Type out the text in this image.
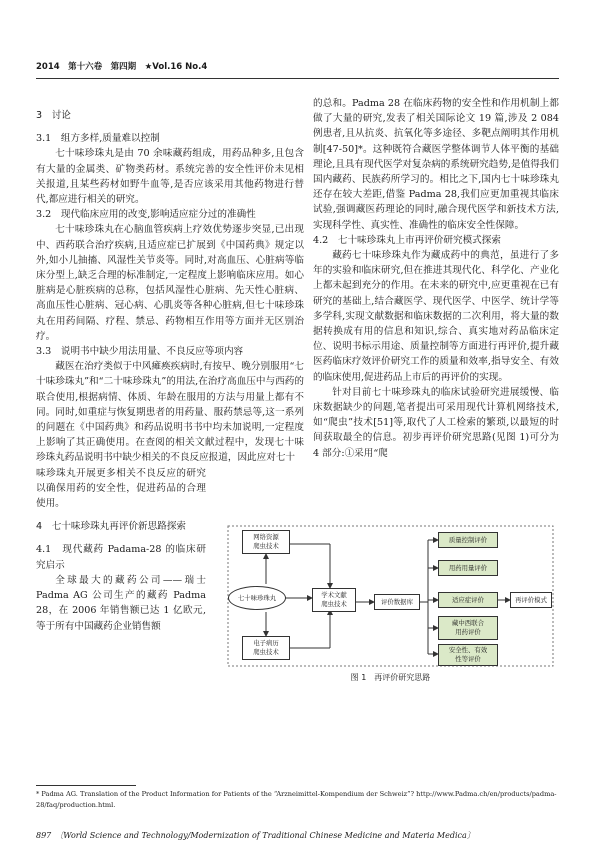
2014　第十六卷　第四期　★Vol.16 No.4

3　讨论

3.1　组方多样,质量难以控制

七十味珍珠丸是由 70 余味藏药组成，用药品种多,且包含有大量的金属类、矿物类药材。系统完善的安全性评价未见相关报道,且某些药材如野牛血等,是否应该采用其他药物进行替代,都应进行相关的研究。

3.2　现代临床应用的改变,影响适应症分过的准确性

七十味珍珠丸在心脑血管疾病上疗效优势逐步突显,已出现中、西药联合治疗疾病,且适应症已扩展到《中国药典》规定以外,如小儿抽搐、风湿性关节炎等。同时,对高血压、心脏病等临床分型上,缺乏合理的标准制定,一定程度上影响临床应用。如心脏病是心脏疾病的总称，包括风湿性心脏病、先天性心脏病、高血压性心脏病、冠心病、心肌炎等各种心脏病,但七十味珍珠丸在用药间隔、疗程、禁忌、药物相互作用等方面并无区别治疗。

3.3　说明书中缺少用法用量、不良反应等项内容

藏医在治疗类似于中风瘫痪疾病时,有按早、晚分别服用“七十味珍珠丸”和“二十味珍珠丸”的用法,在治疗高血压中与西药的联合使用,根据病情、体质、年龄在服用的方法与用量上都有不同。同时,如重症与恢复期患者的用药量、服药禁忌等,这一系列的问题在《中国药典》和药品说明书书中均未加说明,一定程度上影响了其正确使用。在查阅的相关文献过程中，发现七十味珍珠丸药品说明书中缺少相关的不良反应报道，因此应对七十

味珍珠丸开展更多相关不良反应的研究以确保用药的安全性，促进药品的合理使用。

4　七十味珍珠丸再评价新思路探索

4.1　现代藏药 Padama-28 的临床研究启示

全球最大的藏药公司——瑞士 Padma AG 公司生产的藏药 Padma 28，在 2006 年销售额已达 1 亿欧元,等于所有中国藏药企业销售额

的总和。Padma 28 在临床药物的安全性和作用机制上都做了大量的研究,发表了相关国际论文 19 篇,涉及 2 084 例患者,且从抗炎、抗氧化等多途径、多靶点阐明其作用机制[47-50]*。这种既符合藏医学整体调节人体平衡的基础理论,且具有现代医学对复杂病的系统研究趋势,是值得我们国内藏药、民族药所学习的。相比之下,国内七十味珍珠丸还存在较大差距,借鉴 Padma 28,我们应更加重视其临床试验,强调藏医药理论的同时,融合现代医学和新技术方法,实现科学性、真实性、准确性的临床安全性保障。

4.2　七十味珍珠丸上市再评价研究模式探索

藏药七十味珍珠丸作为藏成药中的典范，虽进行了多年的实验和临床研究,但在推进其现代化、科学化、产业化上都未起到充分的作用。在未来的研究中,应更重视在已有研究的基础上,结合藏医学、现代医学、中医学、统计学等多学科,实现文献数据和临床数据的二次利用，将大量的数据转换成有用的信息和知识,综合、真实地对药品临床定位、说明书标示用途、质量控制等方面进行再评价,提升藏医药临床疗效评价研究工作的质量和效率,指导安全、有效的临床使用,促进药品上市后的再评价的实现。

针对目前七十味珍珠丸的临床试验研究进展缓慢、临床数据缺少的问题,笔者提出可采用现代计算机网络技术,如“爬虫”技术[51]等,取代了人工检索的繁琐,以最短的时间获取最全的信息。初步再评价研究思路(见图 1)可分为 4 部分:①采用“爬

网络资源
爬虫技术
七十味珍珠丸
电子病历
爬虫技术
学术文献
爬虫技术	评价数据库
质量控制评价
用药用量评价
适应症评价
藏中西联合
用药评价
安全性、有效
性等评价
再评价模式
图 1　再评价研究思路
* Padma AG. Translation of the Product Information for Patients of the “Arzneimittel-Kompendium der Schweiz”? http://www.Padma.ch/en/products/padma-28/faq/production.html.
897　〔World Science and Technology/Modernization of Traditional Chinese Medicine and Materia Medica〕
